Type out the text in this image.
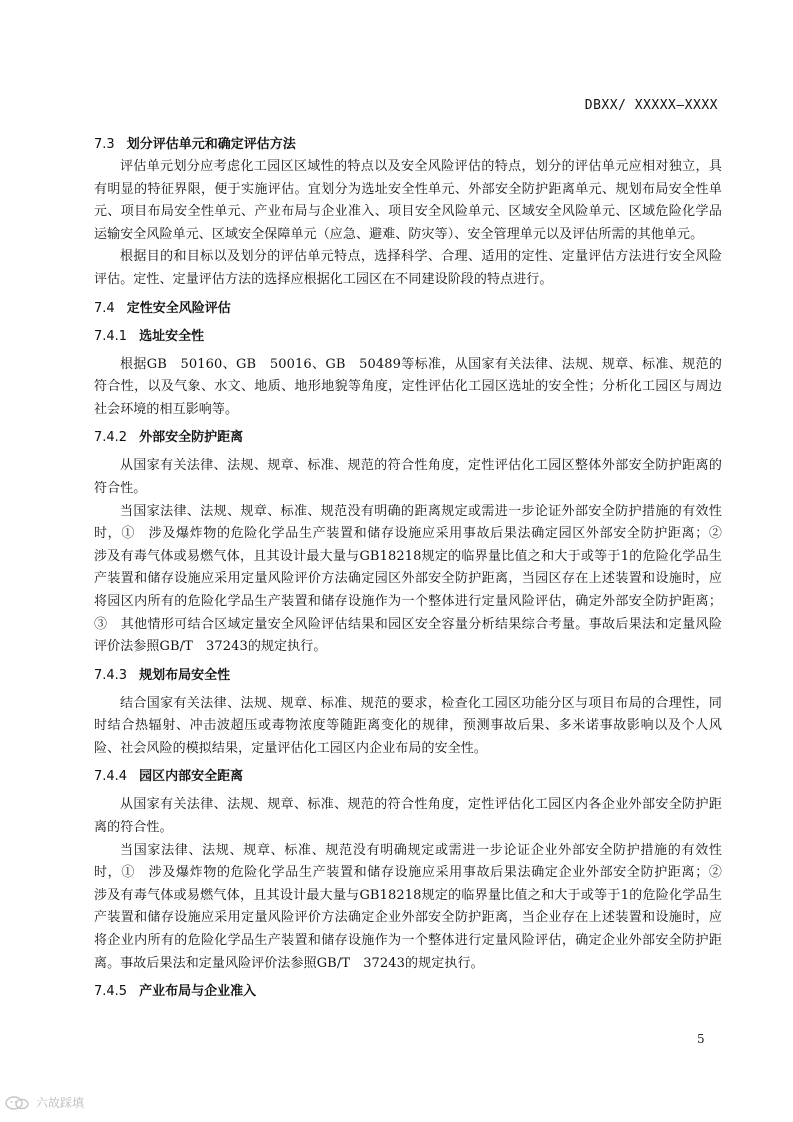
DBXX/ XXXXX—XXXX
7.3 划分评估单元和确定评估方法

评估单元划分应考虑化工园区区域性的特点以及安全风险评估的特点，划分的评估单元应相对独立，具有明显的特征界限，便于实施评估。宜划分为选址安全性单元、外部安全防护距离单元、规划布局安全性单元、项目布局安全性单元、产业布局与企业准入、项目安全风险单元、区域安全风险单元、区域危险化学品运输安全风险单元、区域安全保障单元（应急、避难、防灾等）、安全管理单元以及评估所需的其他单元。

根据目的和目标以及划分的评估单元特点，选择科学、合理、适用的定性、定量评估方法进行安全风险评估。定性、定量评估方法的选择应根据化工园区在不同建设阶段的特点进行。

7.4 定性安全风险评估
7.4.1 选址安全性

根据GB　50160、GB　50016、GB　50489等标准，从国家有关法律、法规、规章、标准、规范的符合性，以及气象、水文、地质、地形地貌等角度，定性评估化工园区选址的安全性；分析化工园区与周边社会环境的相互影响等。

7.4.2 外部安全防护距离

从国家有关法律、法规、规章、标准、规范的符合性角度，定性评估化工园区整体外部安全防护距离的符合性。

当国家法律、法规、规章、标准、规范没有明确的距离规定或需进一步论证外部安全防护措施的有效性时，①　涉及爆炸物的危险化学品生产装置和储存设施应采用事故后果法确定园区外部安全防护距离；②　涉及有毒气体或易燃气体，且其设计最大量与GB18218规定的临界量比值之和大于或等于1的危险化学品生产装置和储存设施应采用定量风险评价方法确定园区外部安全防护距离，当园区存在上述装置和设施时，应将园区内所有的危险化学品生产装置和储存设施作为一个整体进行定量风险评估，确定外部安全防护距离；③　其他情形可结合区域定量安全风险评估结果和园区安全容量分析结果综合考量。事故后果法和定量风险评价法参照GB/T　37243的规定执行。

7.4.3 规划布局安全性

结合国家有关法律、法规、规章、标准、规范的要求，检查化工园区功能分区与项目布局的合理性，同时结合热辐射、冲击波超压或毒物浓度等随距离变化的规律，预测事故后果、多米诺事故影响以及个人风险、社会风险的模拟结果，定量评估化工园区内企业布局的安全性。

7.4.4 园区内部安全距离

从国家有关法律、法规、规章、标准、规范的符合性角度，定性评估化工园区内各企业外部安全防护距离的符合性。

当国家法律、法规、规章、标准、规范没有明确规定或需进一步论证企业外部安全防护措施的有效性时，①　涉及爆炸物的危险化学品生产装置和储存设施应采用事故后果法确定企业外部安全防护距离；②　涉及有毒气体或易燃气体，且其设计最大量与GB18218规定的临界量比值之和大于或等于1的危险化学品生产装置和储存设施应采用定量风险评价方法确定企业外部安全防护距离，当企业存在上述装置和设施时，应将企业内所有的危险化学品生产装置和储存设施作为一个整体进行定量风险评估，确定企业外部安全防护距离。事故后果法和定量风险评价法参照GB/T　37243的规定执行。

7.4.5 产业布局与企业准入
5
六故踩填
